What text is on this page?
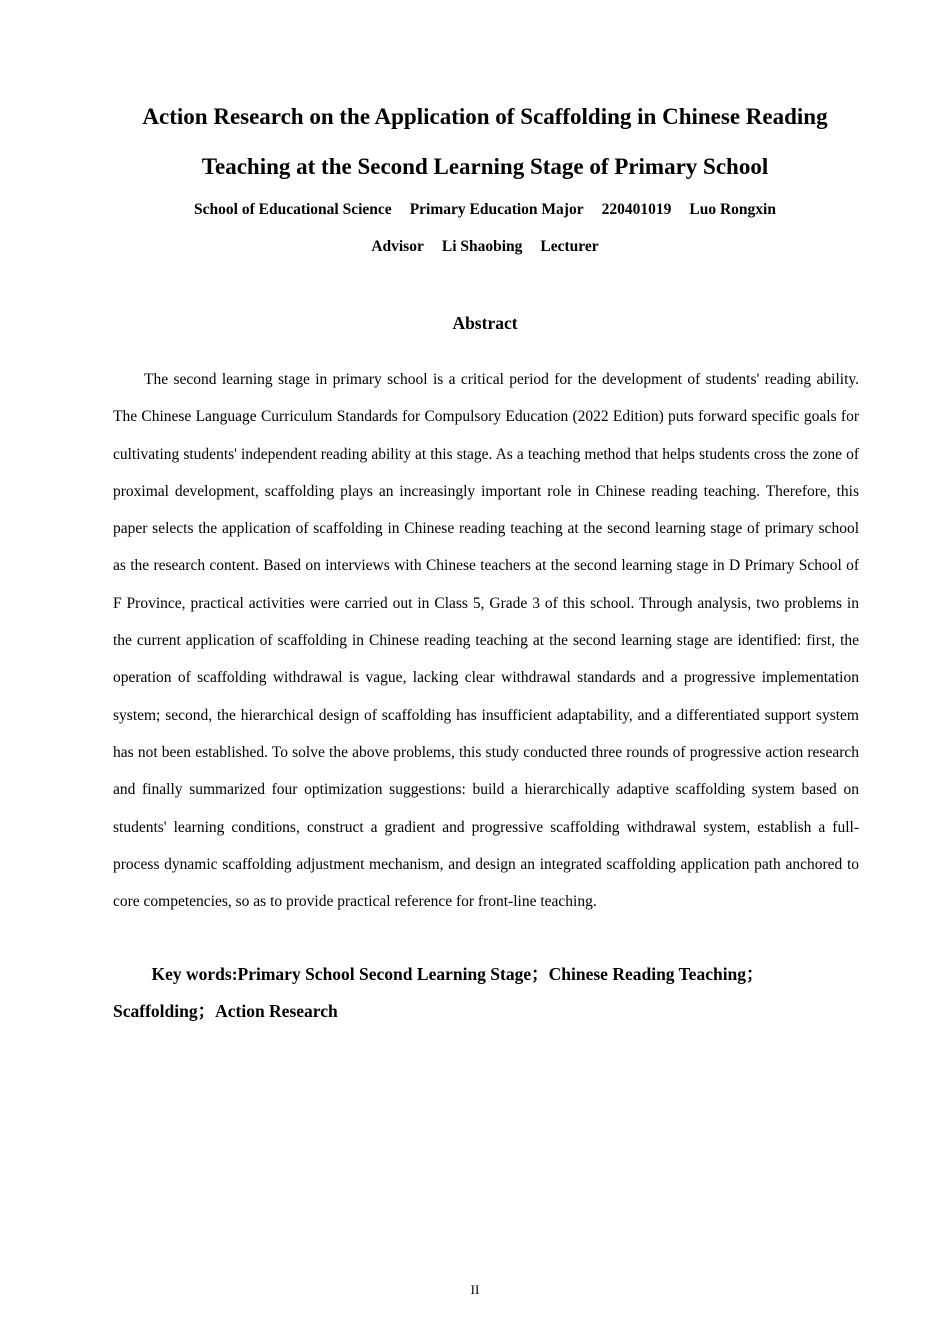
Action Research on the Application of Scaffolding in Chinese Reading
Teaching at the Second Learning Stage of Primary School
School of Educational Science Primary Education Major 220401019 Luo Rongxin
Advisor Li Shaobing Lecturer
Abstract

The second learning stage in primary school is a critical period for the development of students' reading ability. The Chinese Language Curriculum Standards for Compulsory Education (2022 Edition) puts forward specific goals for cultivating students' independent reading ability at this stage. As a teaching method that helps students cross the zone of proximal development, scaffolding plays an increasingly important role in Chinese reading teaching. Therefore, this paper selects the application of scaffolding in Chinese reading teaching at the second learning stage of primary school as the research content. Based on interviews with Chinese teachers at the second learning stage in D Primary School of F Province, practical activities were carried out in Class 5, Grade 3 of this school. Through analysis, two problems in the current application of scaffolding in Chinese reading teaching at the second learning stage are identified: first, the operation of scaffolding withdrawal is vague, lacking clear withdrawal standards and a progressive implementation system; second, the hierarchical design of scaffolding has insufficient adaptability, and a differentiated support system has not been established. To solve the above problems, this study conducted three rounds of progressive action research and finally summarized four optimization suggestions: build a hierarchically adaptive scaffolding system based on students' learning conditions, construct a gradient and progressive scaffolding withdrawal system, establish a full-process dynamic scaffolding adjustment mechanism, and design an integrated scaffolding application path anchored to core competencies, so as to provide practical reference for front-line teaching.

Key words:Primary School Second Learning Stage；Chinese Reading Teaching；Scaffolding；Action Research

II
